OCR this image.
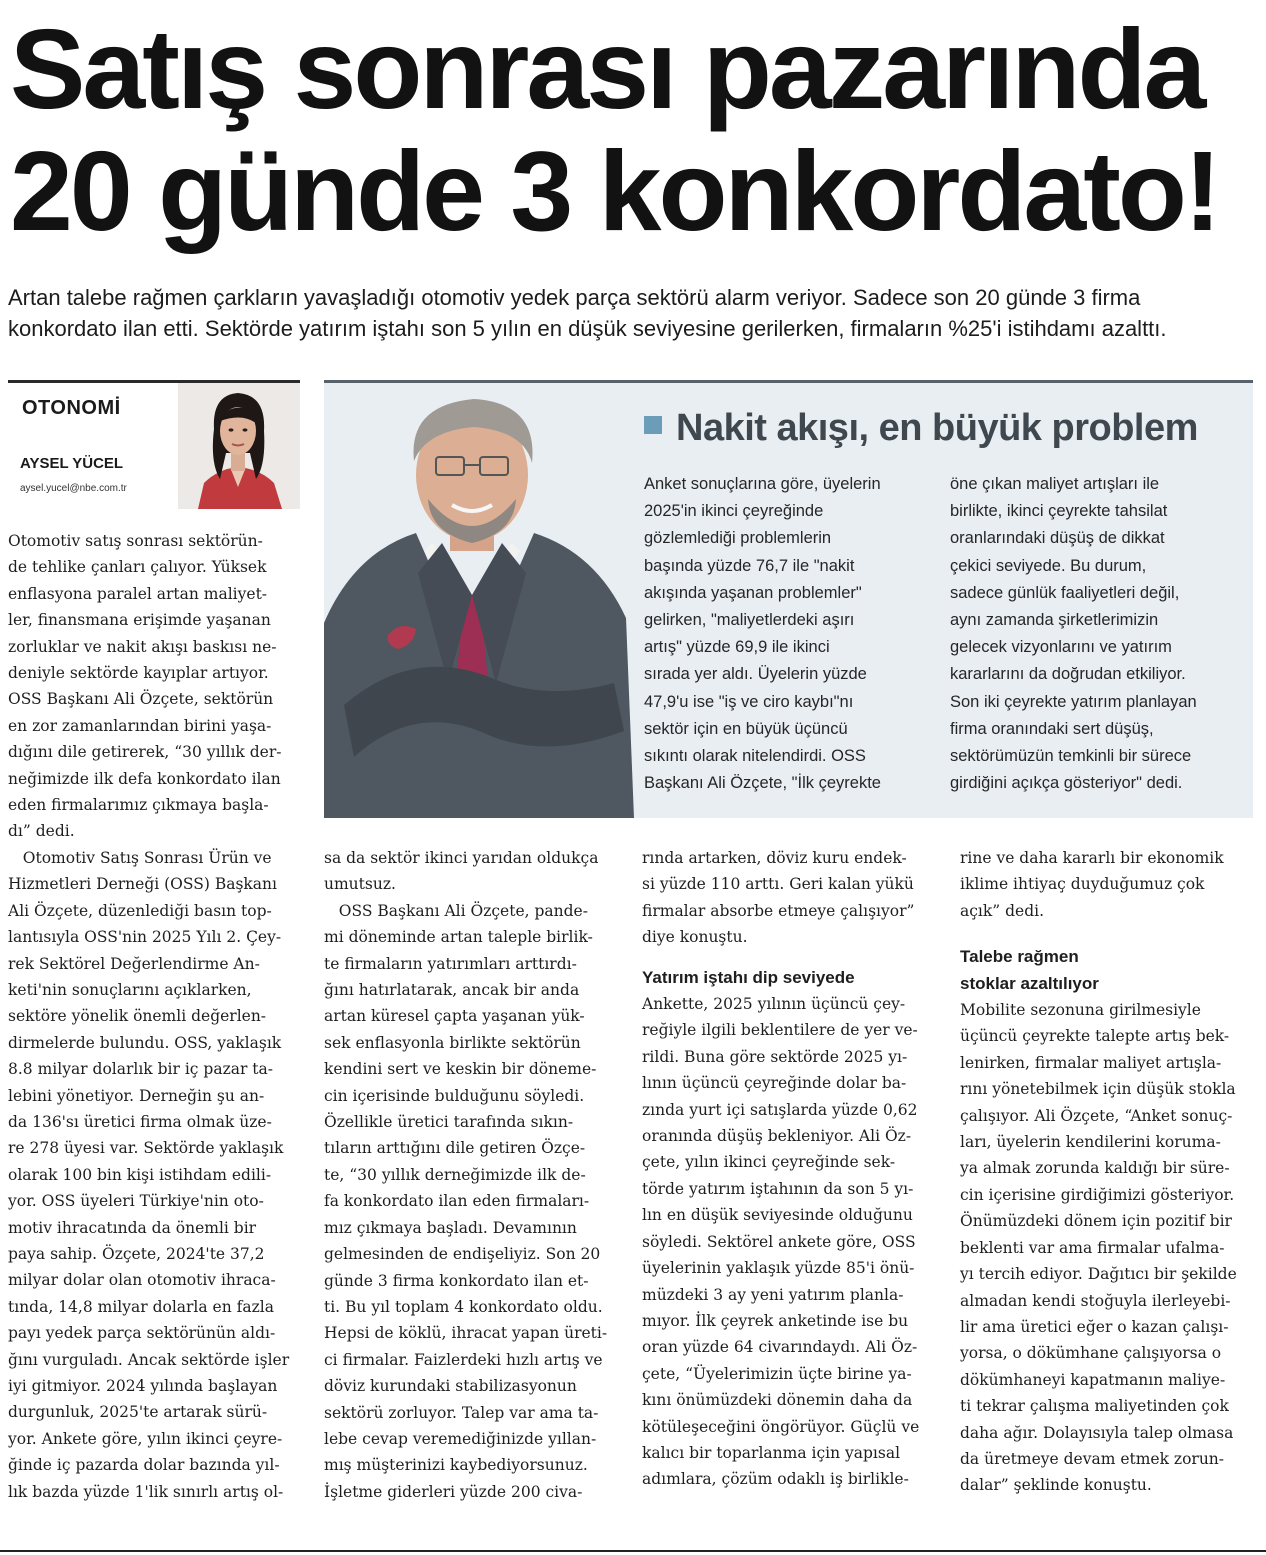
Satış sonrası pazarında
20 günde 3 konkordato!

Artan talebe rağmen çarkların yavaşladığı otomotiv yedek parça sektörü alarm veriyor. Sadece son 20 günde 3 firma
konkordato ilan etti. Sektörde yatırım iştahı son 5 yılın en düşük seviyesine gerilerken, firmaların %25'i istihdamı azalttı.

OTONOMİ
AYSEL YÜCEL
aysel.yucel@nbe.com.tr
Nakit akışı, en büyük problem
Anket sonuçlarına göre, üyelerin
2025'in ikinci çeyreğinde
gözlemlediği problemlerin
başında yüzde 76,7 ile "nakit
akışında yaşanan problemler"
gelirken, "maliyetlerdeki aşırı
artış" yüzde 69,9 ile ikinci
sırada yer aldı. Üyelerin yüzde
47,9'u ise "iş ve ciro kaybı"nı
sektör için en büyük üçüncü
sıkıntı olarak nitelendirdi. OSS
Başkanı Ali Özçete, "İlk çeyrekte
öne çıkan maliyet artışları ile
birlikte, ikinci çeyrekte tahsilat
oranlarındaki düşüş de dikkat
çekici seviyede. Bu durum,
sadece günlük faaliyetleri değil,
aynı zamanda şirketlerimizin
gelecek vizyonlarını ve yatırım
kararlarını da doğrudan etkiliyor.
Son iki çeyrekte yatırım planlayan
firma oranındaki sert düşüş,
sektörümüzün temkinli bir sürece
girdiğini açıkça gösteriyor" dedi.
Otomotiv satış sonrası sektörün-
de tehlike çanları çalıyor. Yüksek
enflasyona paralel artan maliyet-
ler, finansmana erişimde yaşanan
zorluklar ve nakit akışı baskısı ne-
deniyle sektörde kayıplar artıyor.
OSS Başkanı Ali Özçete, sektörün
en zor zamanlarından birini yaşa-
dığını dile getirerek, “30 yıllık der-
neğimizde ilk defa konkordato ilan
eden firmalarımız çıkmaya başla-
dı” dedi.
Otomotiv Satış Sonrası Ürün ve
Hizmetleri Derneği (OSS) Başkanı
Ali Özçete, düzenlediği basın top-
lantısıyla OSS'nin 2025 Yılı 2. Çey-
rek Sektörel Değerlendirme An-
keti'nin sonuçlarını açıklarken,
sektöre yönelik önemli değerlen-
dirmelerde bulundu. OSS, yaklaşık
8.8 milyar dolarlık bir iç pazar ta-
lebini yönetiyor. Derneğin şu an-
da 136'sı üretici firma olmak üze-
re 278 üyesi var. Sektörde yaklaşık
olarak 100 bin kişi istihdam edili-
yor. OSS üyeleri Türkiye'nin oto-
motiv ihracatında da önemli bir
paya sahip. Özçete, 2024'te 37,2
milyar dolar olan otomotiv ihraca-
tında, 14,8 milyar dolarla en fazla
payı yedek parça sektörünün aldı-
ğını vurguladı. Ancak sektörde işler
iyi gitmiyor. 2024 yılında başlayan
durgunluk, 2025'te artarak sürü-
yor. Ankete göre, yılın ikinci çeyre-
ğinde iç pazarda dolar bazında yıl-
lık bazda yüzde 1'lik sınırlı artış ol-
sa da sektör ikinci yarıdan oldukça
umutsuz.
OSS Başkanı Ali Özçete, pande-
mi döneminde artan taleple birlik-
te firmaların yatırımları arttırdı-
ğını hatırlatarak, ancak bir anda
artan küresel çapta yaşanan yük-
sek enflasyonla birlikte sektörün
kendini sert ve keskin bir döneme-
cin içerisinde bulduğunu söyledi.
Özellikle üretici tarafında sıkın-
tıların arttığını dile getiren Özçe-
te, “30 yıllık derneğimizde ilk de-
fa konkordato ilan eden firmaları-
mız çıkmaya başladı. Devamının
gelmesinden de endişeliyiz. Son 20
günde 3 firma konkordato ilan et-
ti. Bu yıl toplam 4 konkordato oldu.
Hepsi de köklü, ihracat yapan üreti-
ci firmalar. Faizlerdeki hızlı artış ve
döviz kurundaki stabilizasyonun
sektörü zorluyor. Talep var ama ta-
lebe cevap veremediğinizde yıllan-
mış müşterinizi kaybediyorsunuz.
İşletme giderleri yüzde 200 civa-
rında artarken, döviz kuru endek-
si yüzde 110 arttı. Geri kalan yükü
firmalar absorbe etmeye çalışıyor”
diye konuştu.
Yatırım iştahı dip seviyede
Ankette, 2025 yılının üçüncü çey-
reğiyle ilgili beklentilere de yer ve-
rildi. Buna göre sektörde 2025 yı-
lının üçüncü çeyreğinde dolar ba-
zında yurt içi satışlarda yüzde 0,62
oranında düşüş bekleniyor. Ali Öz-
çete, yılın ikinci çeyreğinde sek-
törde yatırım iştahının da son 5 yı-
lın en düşük seviyesinde olduğunu
söyledi. Sektörel ankete göre, OSS
üyelerinin yaklaşık yüzde 85'i önü-
müzdeki 3 ay yeni yatırım planla-
mıyor. İlk çeyrek anketinde ise bu
oran yüzde 64 civarındaydı. Ali Öz-
çete, “Üyelerimizin üçte birine ya-
kını önümüzdeki dönemin daha da
kötüleşeceğini öngörüyor. Güçlü ve
kalıcı bir toparlanma için yapısal
adımlara, çözüm odaklı iş birlikle-
rine ve daha kararlı bir ekonomik
iklime ihtiyaç duyduğumuz çok
açık” dedi.
Talebe rağmen
stoklar azaltılıyor
Mobilite sezonuna girilmesiyle
üçüncü çeyrekte talepte artış bek-
lenirken, firmalar maliyet artışla-
rını yönetebilmek için düşük stokla
çalışıyor. Ali Özçete, “Anket sonuç-
ları, üyelerin kendilerini koruma-
ya almak zorunda kaldığı bir süre-
cin içerisine girdiğimizi gösteriyor.
Önümüzdeki dönem için pozitif bir
beklenti var ama firmalar ufalma-
yı tercih ediyor. Dağıtıcı bir şekilde
almadan kendi stoğuyla ilerleyebi-
lir ama üretici eğer o kazan çalışı-
yorsa, o dökümhane çalışıyorsa o
dökümhaneyi kapatmanın maliye-
ti tekrar çalışma maliyetinden çok
daha ağır. Dolayısıyla talep olmasa
da üretmeye devam etmek zorun-
dalar” şeklinde konuştu.
